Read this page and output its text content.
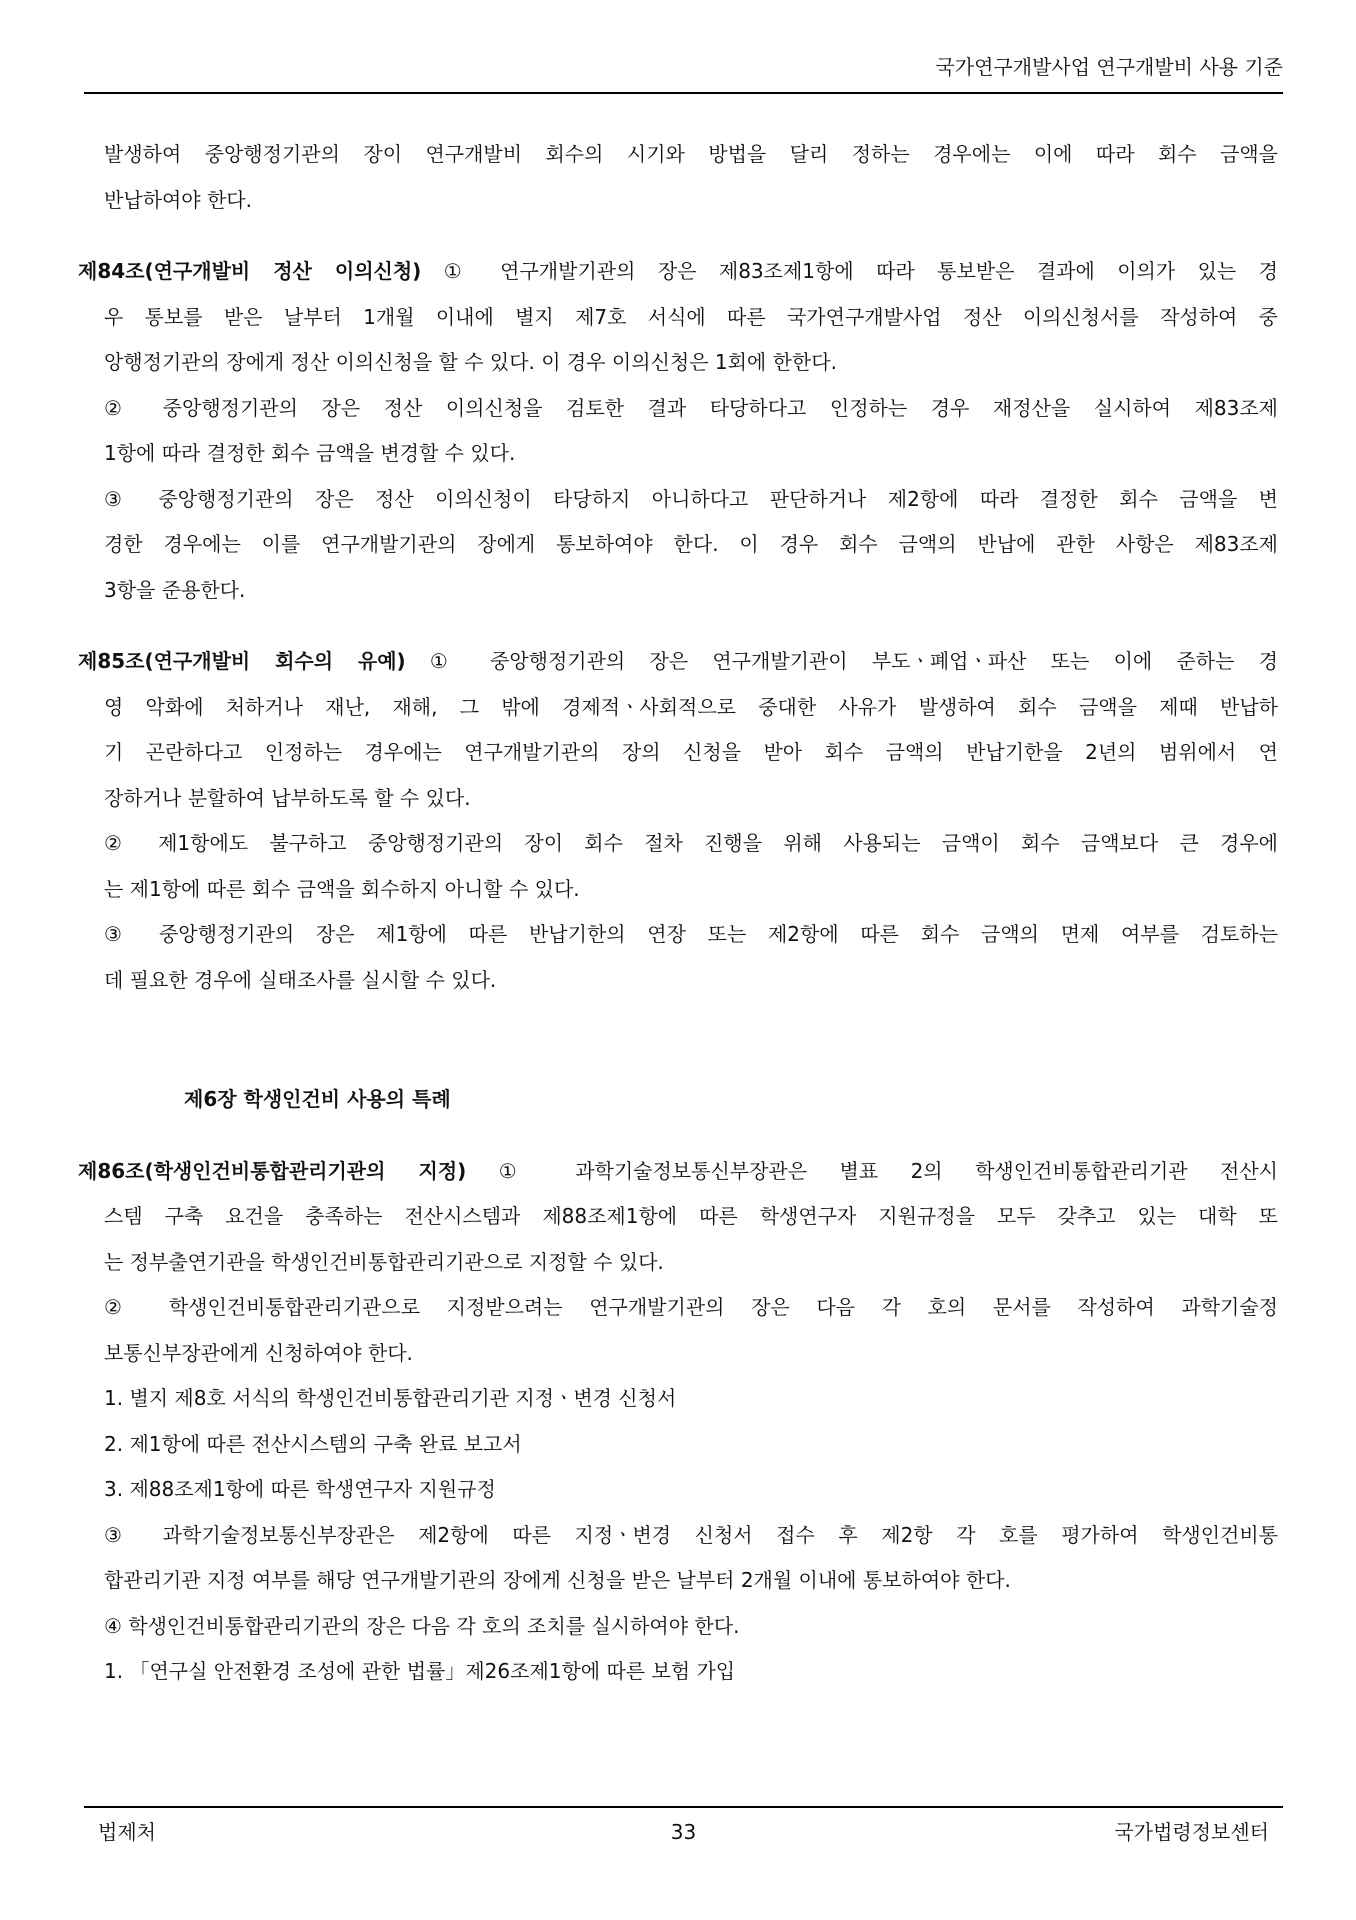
국가연구개발사업 연구개발비 사용 기준
발생하여 중앙행정기관의 장이 연구개발비 회수의 시기와 방법을 달리 정하는 경우에는 이에 따라 회수 금액을
반납하여야 한다.
제84조(연구개발비 정산 이의신청) ① 연구개발기관의 장은 제83조제1항에 따라 통보받은 결과에 이의가 있는 경
우 통보를 받은 날부터 1개월 이내에 별지 제7호 서식에 따른 국가연구개발사업 정산 이의신청서를 작성하여 중
앙행정기관의 장에게 정산 이의신청을 할 수 있다. 이 경우 이의신청은 1회에 한한다.
② 중앙행정기관의 장은 정산 이의신청을 검토한 결과 타당하다고 인정하는 경우 재정산을 실시하여 제83조제
1항에 따라 결정한 회수 금액을 변경할 수 있다.
③ 중앙행정기관의 장은 정산 이의신청이 타당하지 아니하다고 판단하거나 제2항에 따라 결정한 회수 금액을 변
경한 경우에는 이를 연구개발기관의 장에게 통보하여야 한다. 이 경우 회수 금액의 반납에 관한 사항은 제83조제
3항을 준용한다.
제85조(연구개발비 회수의 유예) ① 중앙행정기관의 장은 연구개발기관이 부도ㆍ폐업ㆍ파산 또는 이에 준하는 경
영 악화에 처하거나 재난, 재해, 그 밖에 경제적ㆍ사회적으로 중대한 사유가 발생하여 회수 금액을 제때 반납하
기 곤란하다고 인정하는 경우에는 연구개발기관의 장의 신청을 받아 회수 금액의 반납기한을 2년의 범위에서 연
장하거나 분할하여 납부하도록 할 수 있다.
② 제1항에도 불구하고 중앙행정기관의 장이 회수 절차 진행을 위해 사용되는 금액이 회수 금액보다 큰 경우에
는 제1항에 따른 회수 금액을 회수하지 아니할 수 있다.
③ 중앙행정기관의 장은 제1항에 따른 반납기한의 연장 또는 제2항에 따른 회수 금액의 면제 여부를 검토하는
데 필요한 경우에 실태조사를 실시할 수 있다.
제6장 학생인건비 사용의 특례
제86조(학생인건비통합관리기관의 지정) ① 과학기술정보통신부장관은 별표 2의 학생인건비통합관리기관 전산시
스템 구축 요건을 충족하는 전산시스템과 제88조제1항에 따른 학생연구자 지원규정을 모두 갖추고 있는 대학 또
는 정부출연기관을 학생인건비통합관리기관으로 지정할 수 있다.
② 학생인건비통합관리기관으로 지정받으려는 연구개발기관의 장은 다음 각 호의 문서를 작성하여 과학기술정
보통신부장관에게 신청하여야 한다.
1. 별지 제8호 서식의 학생인건비통합관리기관 지정ㆍ변경 신청서
2. 제1항에 따른 전산시스템의 구축 완료 보고서
3. 제88조제1항에 따른 학생연구자 지원규정
③ 과학기술정보통신부장관은 제2항에 따른 지정ㆍ변경 신청서 접수 후 제2항 각 호를 평가하여 학생인건비통
합관리기관 지정 여부를 해당 연구개발기관의 장에게 신청을 받은 날부터 2개월 이내에 통보하여야 한다.
④ 학생인건비통합관리기관의 장은 다음 각 호의 조치를 실시하여야 한다.
1. 「연구실 안전환경 조성에 관한 법률」제26조제1항에 따른 보험 가입
법제처	33	국가법령정보센터
